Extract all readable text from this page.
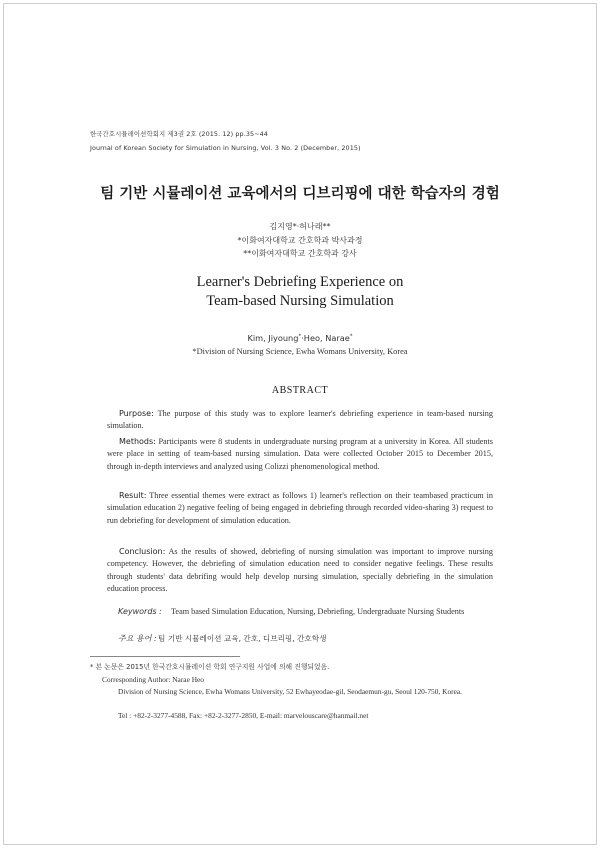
한국간호시뮬레이션학회지 제3권 2호 (2015. 12) pp.35~44
Journal of Korean Society for Simulation in Nursing, Vol. 3 No. 2 (December, 2015)
팀 기반 시뮬레이션 교육에서의 디브리핑에 대한 학습자의 경험
김지영*·허나래**
*이화여자대학교 간호학과 박사과정
**이화여자대학교 간호학과 강사
Learner's Debriefing Experience on
Team-based Nursing Simulation
Kim, Jiyoung*·Heo, Narae*
*Division of Nursing Science, Ewha Womans University, Korea
ABSTRACT

Purpose: The purpose of this study was to explore learner's debriefing experience in team-based nursing simulation.

Methods: Participants were 8 students in undergraduate nursing program at a university in Korea. All students were place in setting of team-based nursing simulation. Data were collected October 2015 to December 2015, through in-depth interviews and analyzed using Colizzi phenomenological method.

Result: Three essential themes were extract as follows 1) learner's reflection on their teambased practicum in simulation education 2) negative feeling of being engaged in debriefing through recorded video-sharing 3) request to run debriefing for development of simulation education.

Conclusion: As the results of showed, debriefing of nursing simulation was important to improve nursing competency. However, the debriefing of simulation education need to consider negative feelings. These results through students' data debrifing would help develop nursing simulation, specially debriefing in the simulation education process.

Keywords : Team based Simulation Education, Nursing, Debriefing, Undergraduate Nursing Students
주요 용어 : 팀 기반 시뮬레이션 교육, 간호, 디브리핑, 간호학생
* 본 논문은 2015년 한국간호시뮬레이션 학회 연구지원 사업에 의해 진행되었음.
Corresponding Author: Narae Heo
Division of Nursing Science, Ewha Womans University, 52 Ewhayeodae-gil, Seodaemun-gu, Seoul 120-750, Korea.
Tel : +82-2-3277-4588, Fax: +82-2-3277-2850, E-mail: marvelouscare@hanmail.net
